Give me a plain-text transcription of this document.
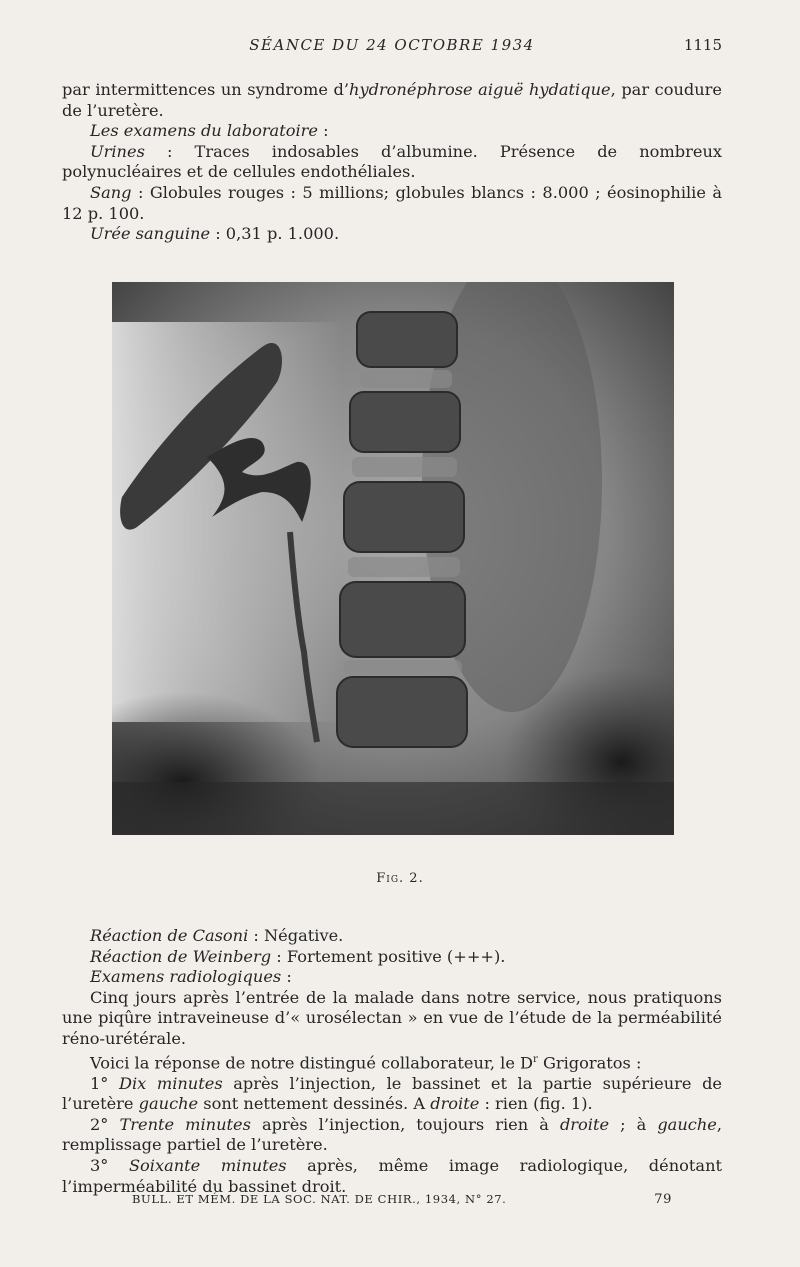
SÉANCE DU 24 OCTOBRE 1934	1115

par intermittences un syndrome d’hydronéphrose aiguë hydatique, par coudure de l’uretère.

Les examens du laboratoire :

Urines : Traces indosables d’albumine. Présence de nombreux polynucléaires et de cellules endothéliales.

Sang : Globules rouges : 5 millions; globules blancs : 8.000 ; éosinophilie à 12 p. 100.

Urée sanguine : 0,31 p. 1.000.

Fig. 2.

Réaction de Casoni : Négative.

Réaction de Weinberg : Fortement positive (+++).

Examens radiologiques :

Cinq jours après l’entrée de la malade dans notre service, nous pratiquons une piqûre intraveineuse d’« urosélectan » en vue de l’étude de la perméabilité réno-urétérale.

Voici la réponse de notre distingué collaborateur, le $D^r$ Grigoratos :

1° Dix minutes après l’injection, le bassinet et la partie supérieure de l’uretère gauche sont nettement dessinés. A droite : rien (fig. 1).

2° Trente minutes après l’injection, toujours rien à droite ; à gauche, remplissage partiel de l’uretère.

3° Soixante minutes après, même image radiologique, dénotant l’imperméabilité du bassinet droit.

BULL. ET MÉM. DE LA SOC. NAT. DE CHIR., 1934, N° 27.	79
